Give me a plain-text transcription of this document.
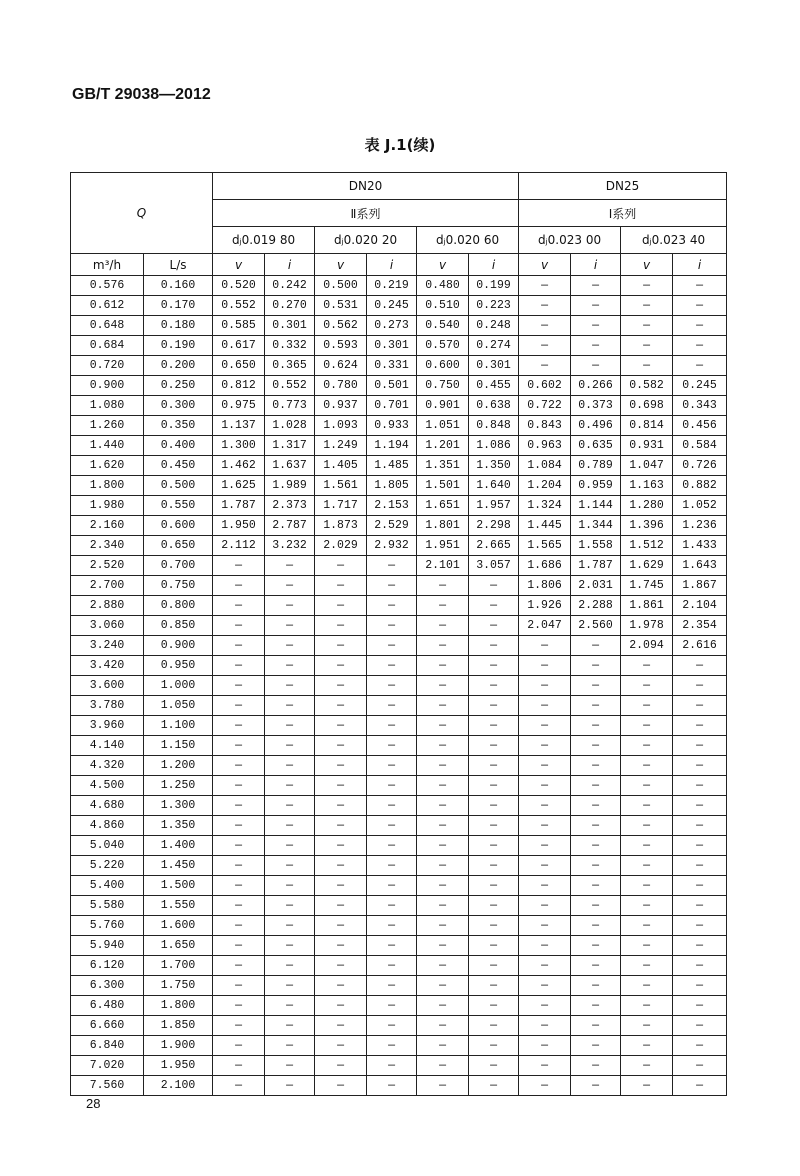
GB/T 29038—2012
表 J.1(续)
Q		DN20						DN25			
		Ⅱ系列						Ⅰ系列			
		dⱼ0.019 80		dⱼ0.020 20		dⱼ0.020 60		dⱼ0.023 00		dⱼ0.023 40	
m³/h	L/s	v	i	v	i	v	i	v	i	v	i
0.576	0.160	0.520	0.242	0.500	0.219	0.480	0.199	—	—	—	—
0.612	0.170	0.552	0.270	0.531	0.245	0.510	0.223	—	—	—	—
0.648	0.180	0.585	0.301	0.562	0.273	0.540	0.248	—	—	—	—
0.684	0.190	0.617	0.332	0.593	0.301	0.570	0.274	—	—	—	—
0.720	0.200	0.650	0.365	0.624	0.331	0.600	0.301	—	—	—	—
0.900	0.250	0.812	0.552	0.780	0.501	0.750	0.455	0.602	0.266	0.582	0.245
1.080	0.300	0.975	0.773	0.937	0.701	0.901	0.638	0.722	0.373	0.698	0.343
1.260	0.350	1.137	1.028	1.093	0.933	1.051	0.848	0.843	0.496	0.814	0.456
1.440	0.400	1.300	1.317	1.249	1.194	1.201	1.086	0.963	0.635	0.931	0.584
1.620	0.450	1.462	1.637	1.405	1.485	1.351	1.350	1.084	0.789	1.047	0.726
1.800	0.500	1.625	1.989	1.561	1.805	1.501	1.640	1.204	0.959	1.163	0.882
1.980	0.550	1.787	2.373	1.717	2.153	1.651	1.957	1.324	1.144	1.280	1.052
2.160	0.600	1.950	2.787	1.873	2.529	1.801	2.298	1.445	1.344	1.396	1.236
2.340	0.650	2.112	3.232	2.029	2.932	1.951	2.665	1.565	1.558	1.512	1.433
2.520	0.700	—	—	—	—	2.101	3.057	1.686	1.787	1.629	1.643
2.700	0.750	—	—	—	—	—	—	1.806	2.031	1.745	1.867
2.880	0.800	—	—	—	—	—	—	1.926	2.288	1.861	2.104
3.060	0.850	—	—	—	—	—	—	2.047	2.560	1.978	2.354
3.240	0.900	—	—	—	—	—	—	—	—	2.094	2.616
3.420	0.950	—	—	—	—	—	—	—	—	—	—
3.600	1.000	—	—	—	—	—	—	—	—	—	—
3.780	1.050	—	—	—	—	—	—	—	—	—	—
3.960	1.100	—	—	—	—	—	—	—	—	—	—
4.140	1.150	—	—	—	—	—	—	—	—	—	—
4.320	1.200	—	—	—	—	—	—	—	—	—	—
4.500	1.250	—	—	—	—	—	—	—	—	—	—
4.680	1.300	—	—	—	—	—	—	—	—	—	—
4.860	1.350	—	—	—	—	—	—	—	—	—	—
5.040	1.400	—	—	—	—	—	—	—	—	—	—
5.220	1.450	—	—	—	—	—	—	—	—	—	—
5.400	1.500	—	—	—	—	—	—	—	—	—	—
5.580	1.550	—	—	—	—	—	—	—	—	—	—
5.760	1.600	—	—	—	—	—	—	—	—	—	—
5.940	1.650	—	—	—	—	—	—	—	—	—	—
6.120	1.700	—	—	—	—	—	—	—	—	—	—
6.300	1.750	—	—	—	—	—	—	—	—	—	—
6.480	1.800	—	—	—	—	—	—	—	—	—	—
6.660	1.850	—	—	—	—	—	—	—	—	—	—
6.840	1.900	—	—	—	—	—	—	—	—	—	—
7.020	1.950	—	—	—	—	—	—	—	—	—	—
7.560	2.100	—	—	—	—	—	—	—	—	—	—
28
